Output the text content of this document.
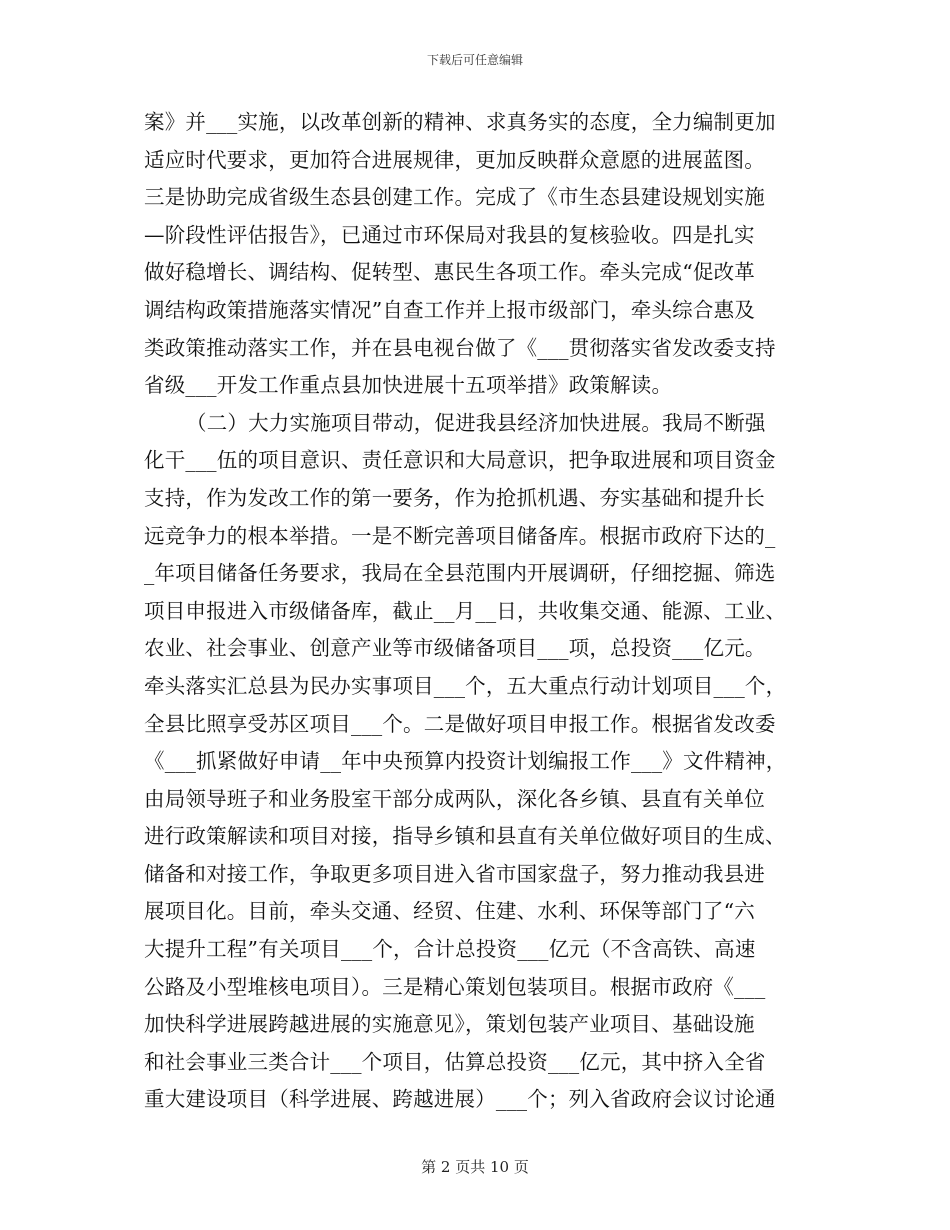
下载后可任意编辑
案》并___实施，以改革创新的精神、求真务实的态度，全力编制更加
适应时代要求，更加符合进展规律，更加反映群众意愿的进展蓝图。
三是协助完成省级生态县创建工作。完成了《市生态县建设规划实施
—阶段性评估报告》，已通过市环保局对我县的复核验收。四是扎实
做好稳增长、调结构、促转型、惠民生各项工作。牵头完成“促改革
调结构政策措施落实情况”自查工作并上报市级部门，牵头综合惠及
类政策推动落实工作，并在县电视台做了《___贯彻落实省发改委支持
省级___开发工作重点县加快进展十五项举措》政策解读。
（二）大力实施项目带动，促进我县经济加快进展。我局不断强
化干___伍的项目意识、责任意识和大局意识，把争取进展和项目资金
支持，作为发改工作的第一要务，作为抢抓机遇、夯实基础和提升长
远竞争力的根本举措。一是不断完善项目储备库。根据市政府下达的_
_年项目储备任务要求，我局在全县范围内开展调研，仔细挖掘、筛选
项目申报进入市级储备库，截止__月__日，共收集交通、能源、工业、
农业、社会事业、创意产业等市级储备项目___项，总投资___亿元。
牵头落实汇总县为民办实事项目___个，五大重点行动计划项目___个，
全县比照享受苏区项目___个。二是做好项目申报工作。根据省发改委
《___抓紧做好申请__年中央预算内投资计划编报工作___》文件精神，
由局领导班子和业务股室干部分成两队，深化各乡镇、县直有关单位
进行政策解读和项目对接，指导乡镇和县直有关单位做好项目的生成、
储备和对接工作，争取更多项目进入省市国家盘子，努力推动我县进
展项目化。目前，牵头交通、经贸、住建、水利、环保等部门了“六
大提升工程”有关项目___个，合计总投资___亿元（不含高铁、高速
公路及小型堆核电项目）。三是精心策划包装项目。根据市政府《___
加快科学进展跨越进展的实施意见》，策划包装产业项目、基础设施
和社会事业三类合计___个项目，估算总投资___亿元，其中挤入全省
重大建设项目（科学进展、跨越进展）___个；列入省政府会议讨论通
第 2 页共 10 页
